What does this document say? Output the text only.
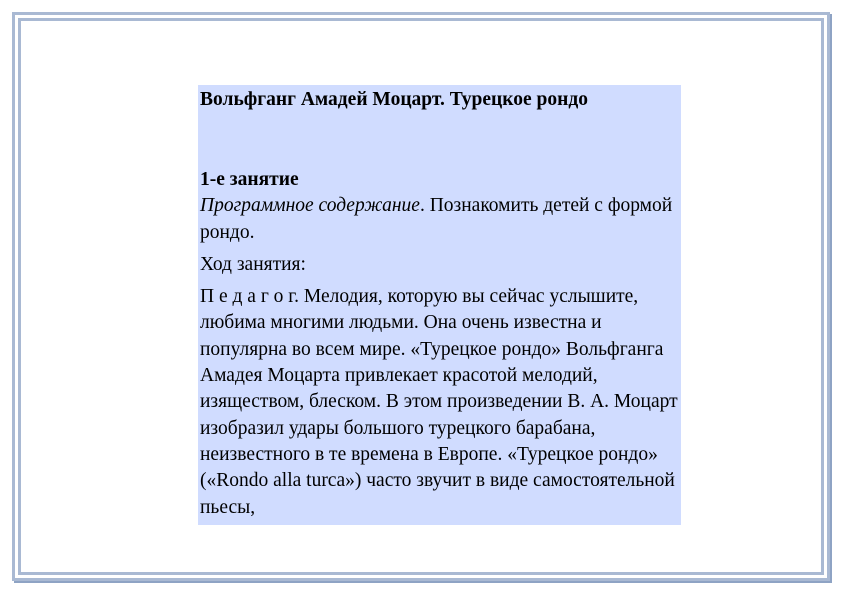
Вольфганг Амадей Моцарт. Турецкое рондо

1-е занятие

Программное содержание. Познакомить детей с формой рондо.

Ход занятия:

П е д а г о г. Мелодия, которую вы сейчас услышите, любима многими людьми. Она очень известна и популярна во всем мире. «Турецкое рондо» Вольфганга Амадея Моцарта привлекает красотой мелодий, изяществом, блеском. В этом произведении В. А. Моцарт изобразил удары большого турецкого барабана, неизвестного в те времена в Европе. «Турецкое рондо» («Rondo alla turca») часто звучит в виде самостоятельной пьесы,
